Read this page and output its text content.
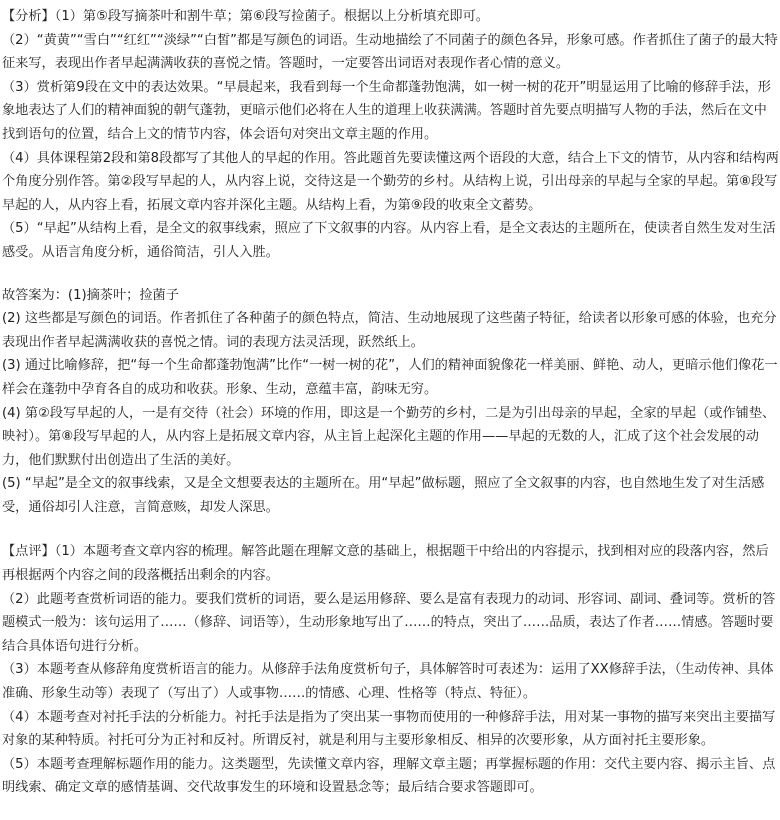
【分析】（1）第⑤段写摘茶叶和割牛草；第⑥段写捡菌子。根据以上分析填充即可。

（2）“黄黄”“雪白”“红红”“淡绿”“白皙”都是写颜色的词语。生动地描绘了不同菌子的颜色各异，形象可感。作者抓住了菌子的最大特征来写，表现出作者早起满满收获的喜悦之情。答题时，一定要答出词语对表现作者心情的意义。

（3）赏析第9段在文中的表达效果。“早晨起来，我看到每一个生命都蓬勃饱满，如一树一树的花开”明显运用了比喻的修辞手法，形象地表达了人们的精神面貌的朝气蓬勃，更暗示他们必将在人生的道理上收获满满。答题时首先要点明描写人物的手法，然后在文中找到语句的位置，结合上文的情节内容，体会语句对突出文章主题的作用。

（4）具体课程第2段和第8段都写了其他人的早起的作用。答此题首先要读懂这两个语段的大意，结合上下文的情节，从内容和结构两个角度分别作答。第②段写早起的人，从内容上说，交待这是一个勤劳的乡村。从结构上说，引出母亲的早起与全家的早起。第⑧段写早起的人，从内容上看，拓展文章内容并深化主题。从结构上看，为第⑨段的收束全文蓄势。

（5）“早起”从结构上看，是全文的叙事线索，照应了下文叙事的内容。从内容上看，是全文表达的主题所在，使读者自然生发对生活感受。从语言角度分析，通俗简洁，引人入胜。

故答案为：(1)摘茶叶；捡菌子

(2) 这些都是写颜色的词语。作者抓住了各种菌子的颜色特点，简洁、生动地展现了这些菌子特征，给读者以形象可感的体验，也充分表现出作者早起满满收获的喜悦之情。词的表现方法灵活现，跃然纸上。

(3) 通过比喻修辞，把“每一个生命都蓬勃饱满”比作“一树一树的花”，人们的精神面貌像花一样美丽、鲜艳、动人，更暗示他们像花一样会在蓬勃中孕育各自的成功和收获。形象、生动，意蕴丰富，韵味无穷。

(4) 第②段写早起的人，一是有交待（社会）环境的作用，即这是一个勤劳的乡村，二是为引出母亲的早起，全家的早起（或作铺垫、映衬）。第⑧段写早起的人，从内容上是拓展文章内容，从主旨上起深化主题的作用——早起的无数的人，汇成了这个社会发展的动力，他们默默付出创造出了生活的美好。

(5) “早起”是全文的叙事线索，又是全文想要表达的主题所在。用“早起”做标题，照应了全文叙事的内容，也自然地生发了对生活感受，通俗却引人注意，言简意赅，却发人深思。

【点评】（1）本题考查文章内容的梳理。解答此题在理解文意的基础上，根据题干中给出的内容提示，找到相对应的段落内容，然后再根据两个内容之间的段落概括出剩余的内容。

（2）此题考查赏析词语的能力。要我们赏析的词语，要么是运用修辞、要么是富有表现力的动词、形容词、副词、叠词等。赏析的答题模式一般为：该句运用了……（修辞、词语等），生动形象地写出了……的特点，突出了……品质，表达了作者……情感。答题时要结合具体语句进行分析。

（3）本题考查从修辞角度赏析语言的能力。从修辞手法角度赏析句子，具体解答时可表述为：运用了XX修辞手法，（生动传神、具体准确、形象生动等）表现了（写出了）人或事物……的情感、心理、性格等（特点、特征）。

（4）本题考查对衬托手法的分析能力。衬托手法是指为了突出某一事物而使用的一种修辞手法，用对某一事物的描写来突出主要描写对象的某种特质。衬托可分为正衬和反衬。所谓反衬，就是利用与主要形象相反、相异的次要形象，从方面衬托主要形象。

（5）本题考查理解标题作用的能力。这类题型，先读懂文章内容，理解文章主题；再掌握标题的作用：交代主要内容、揭示主旨、点明线索、确定文章的感情基调、交代故事发生的环境和设置悬念等；最后结合要求答题即可。
